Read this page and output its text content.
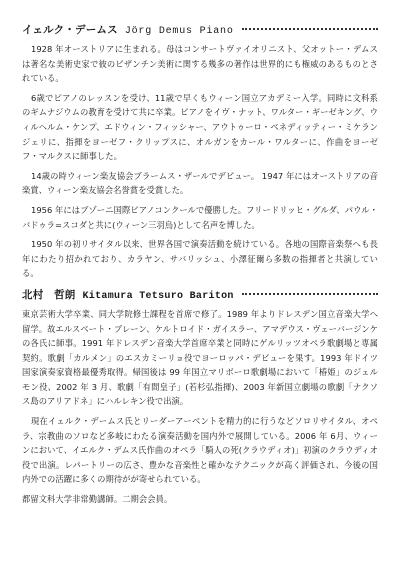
イェルク・デームス Jörg Demus Piano

1928 年オーストリアに生まれる。母はコンサートヴァイオリニスト、父オットー・デムスは著名な美術史家で彼のビザンチン美術に関する幾多の著作は世界的にも権威のあるものとされている。

6歳でピアノのレッスンを受け、11歳で早くもウィーン国立アカデミー入学。同時に文科系のギムナジウムの教育を受けて共に卒業。ピアノをイヴ・ナット、ワルター・ギーゼキング、ウィルヘルム・ケンプ、エドウィン・フィッシャー、アウトゥーロ・ベネディッティー・ミケランジェリに、指揮をヨーゼフ・クリップスに、オルガンをカール・ワルターに、作曲をヨーゼフ・マルクスに師事した。

14歳の時ウィーン楽友協会ブラームス・ザールでデビュー。 1947 年にはオーストリアの音楽賞、ウィーン楽友協会名誉賞を受賞した。

1956 年にはブゾーニ国際ピアノコンクールで優勝した。フリードリッヒ・グルダ、パウル・バドゥラ=スコダと共に(ウィーン三羽烏)として名声を博した。

1950 年の初リサイタル以来、世界各国で演奏活動を続けている。各地の国際音楽祭へも長年にわたり招かれており、カラヤン、サバリッシュ、小澤征爾ら多数の指揮者と共演している。

北村　哲朗 Kitamura Tetsuro Bariton

東京芸術大学卒業、同大学院修士課程を首席で修了。1989 年よりドレスデン国立音楽大学へ留学。故エルスベート・ブレーン、ケルトロイド・ガイスラー、アマデウス・ヴェーバージンケの各氏に師事。1991 年ドレスデン音楽大学首席卒業と同時にゲルリッツオペラ歌劇場と専属契約。歌劇「カルメン」のエスカミーリョ役でヨーロッパ・デビューを果す。1993 年ドイツ国家演奏家資格最優秀取得。帰国後は 99 年国立マリボーロ歌劇場において「椿姫」のジェルモン役、2002 年 3 月、歌劇「有間皇子」(若杉弘指揮)、2003 年新国立劇場の歌劇「ナクソス島のアリアドネ」にハルレキン役で出演。

現在イェルク・デームス氏とリーダーアーベントを精力的に行うなどソロリサイタル、オペラ、宗教曲のソロなど多岐にわたる演奏活動を国内外で展開している。2006 年 6月、ウィーンにおいて、イエルク・デムス氏作曲のオペラ「騎人の死(クラウディオ)」初演のクラウディオ役で出演。レパートリーの広さ、豊かな音楽性と確かなテクニックが高く評価され、今後の国内外での活躍に多くの期待がが寄せられている。

都留文科大学非常勤講師。二期会会員。
